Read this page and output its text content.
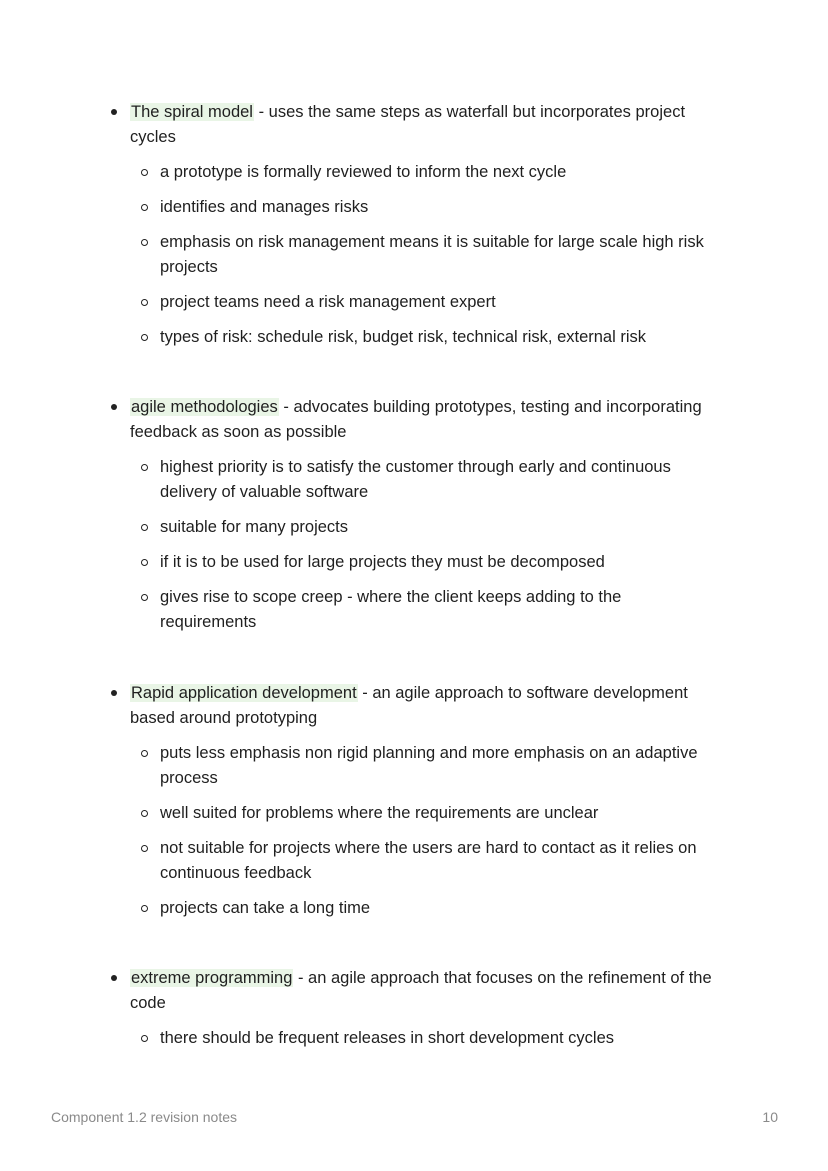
The spiral model - uses the same steps as waterfall but incorporates project cycles
a prototype is formally reviewed to inform the next cycle
identifies and manages risks
emphasis on risk management means it is suitable for large scale high risk projects
project teams need a risk management expert
types of risk: schedule risk, budget risk, technical risk, external risk
agile methodologies - advocates building prototypes, testing and incorporating feedback as soon as possible
highest priority is to satisfy the customer through early and continuous delivery of valuable software
suitable for many projects
if it is to be used for large projects they must be decomposed
gives rise to scope creep - where the client keeps adding to the requirements
Rapid application development - an agile approach to software development based around prototyping
puts less emphasis non rigid planning and more emphasis on an adaptive process
well suited for problems where the requirements are unclear
not suitable for projects where the users are hard to contact as it relies on continuous feedback
projects can take a long time
extreme programming - an agile approach that focuses on the refinement of the code
there should be frequent releases in short development cycles
Component 1.2 revision notes	10
